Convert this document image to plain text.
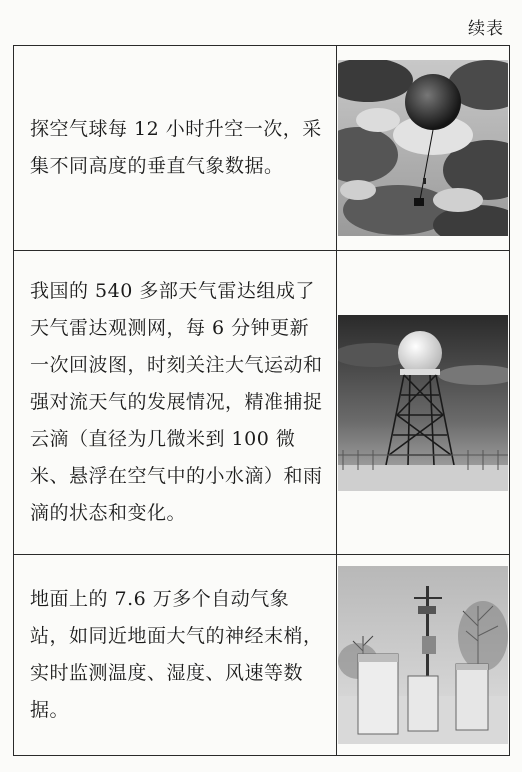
续表
探空气球每 12 小时升空一次，采集不同高度的垂直气象数据。

我国的 540 多部天气雷达组成了天气雷达观测网，每 6 分钟更新一次回波图，时刻关注大气运动和强对流天气的发展情况，精准捕捉云滴（直径为几微米到 100 微米、悬浮在空气中的小水滴）和雨滴的状态和变化。

地面上的 7.6 万多个自动气象站，如同近地面大气的神经末梢，实时监测温度、湿度、风速等数据。
